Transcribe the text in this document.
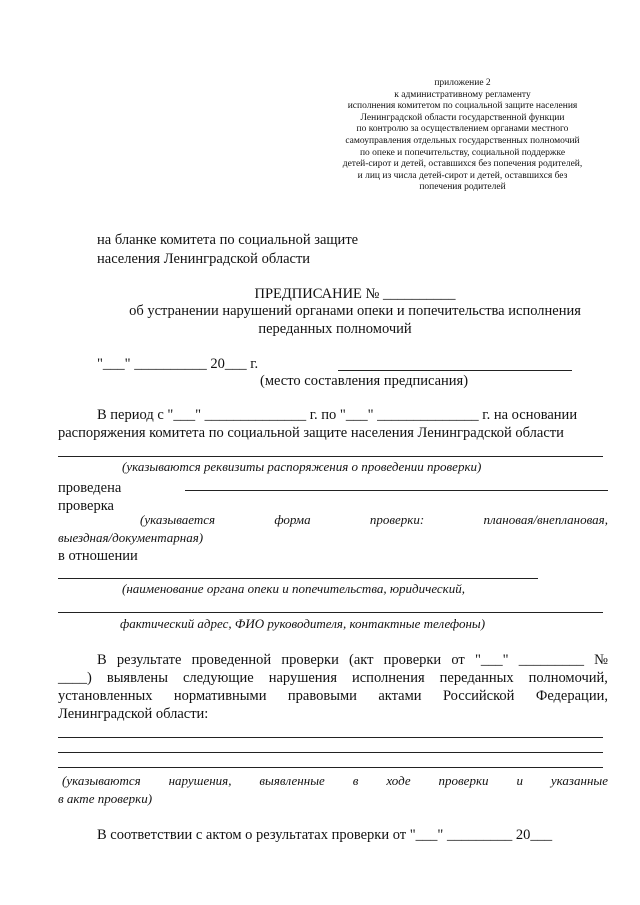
приложение 2
к административному регламенту
исполнения комитетом по социальной защите населения
Ленинградской области государственной функции
по контролю за осуществлением органами местного
самоуправления отдельных государственных полномочий
по опеке и попечительству, социальной поддержке
детей-сирот и детей, оставшихся без попечения родителей,
и лиц из числа детей-сирот и детей, оставшихся без
попечения родителей
на бланке комитета по социальной защите
населения Ленинградской области
ПРЕДПИСАНИЕ № __________
об устранении нарушений органами опеки и попечительства исполнения
переданных полномочий
"___" __________ 20___ г.
(место составления предписания)
В период с "___" ______________ г. по "___" ______________ г. на основании
распоряжения комитета по социальной защите населения Ленинградской области
(указываются реквизиты распоряжения о проведении проверки)
проведена
проверка
(указывается	форма	проверки:	плановая/внеплановая,
выездная/документарная)
в отношении
(наименование органа опеки и попечительства, юридический,
фактический адрес, ФИО руководителя, контактные телефоны)
В результате проведенной проверки (акт проверки от "___" _________ №
____) выявлены следующие нарушения исполнения переданных полномочий,
установленных нормативными правовыми актами Российской Федерации,
Ленинградской области:
(указываются нарушения, выявленные в ходе проверки и указанные
в акте проверки)
В соответствии с актом о результатах проверки от "___" _________ 20___
